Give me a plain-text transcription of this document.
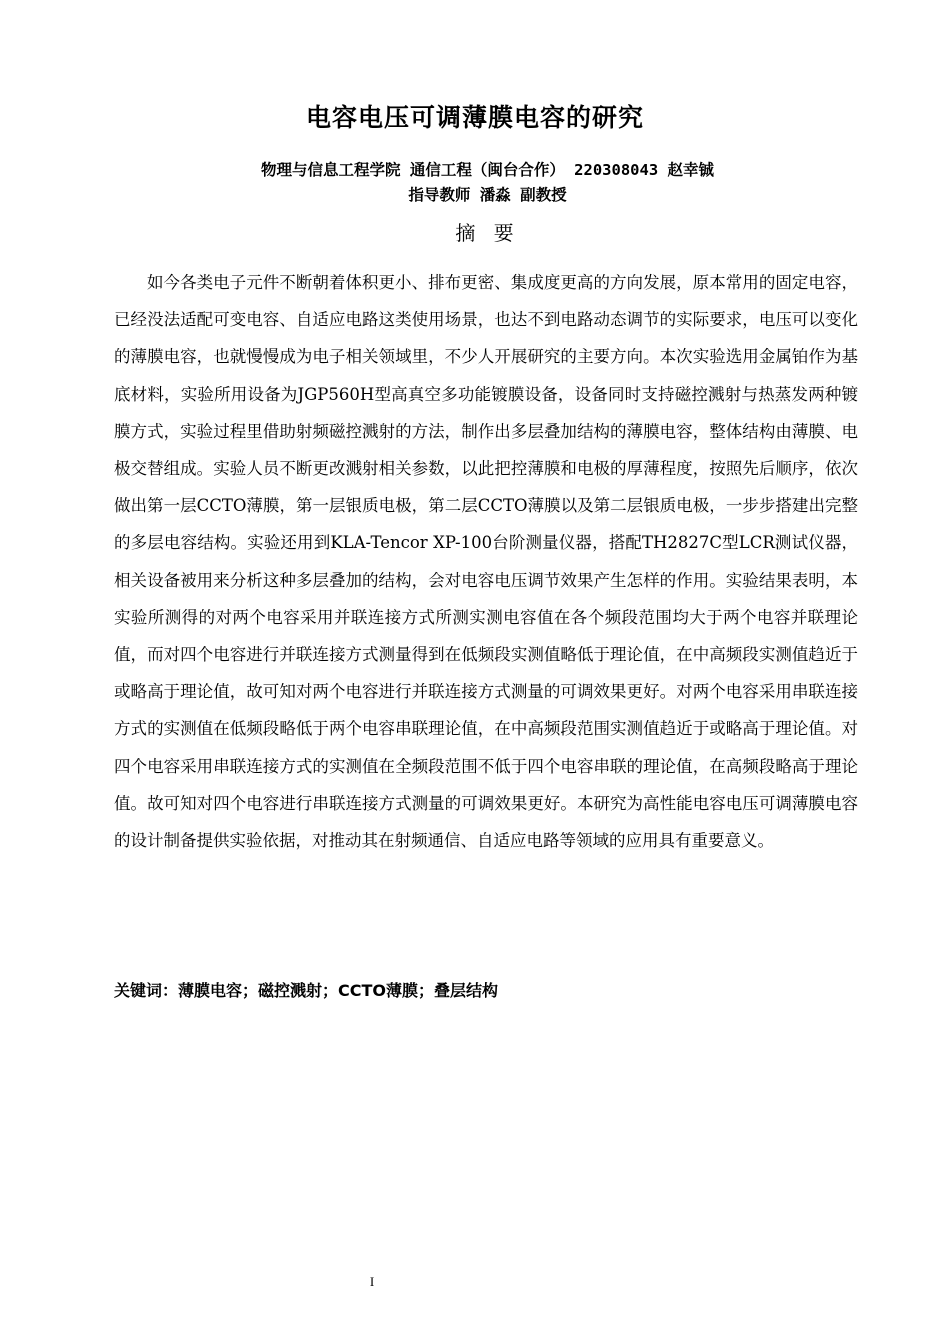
电容电压可调薄膜电容的研究
物理与信息工程学院 通信工程（闽台合作） 220308043 赵幸铖
指导教师 潘淼 副教授
摘 要

如今各类电子元件不断朝着体积更小、排布更密、集成度更高的方向发展，原本常用的固定电容，已经没法适配可变电容、自适应电路这类使用场景，也达不到电路动态调节的实际要求，电压可以变化的薄膜电容，也就慢慢成为电子相关领域里，不少人开展研究的主要方向。本次实验选用金属铂作为基底材料，实验所用设备为JGP560H型高真空多功能镀膜设备，设备同时支持磁控溅射与热蒸发两种镀膜方式，实验过程里借助射频磁控溅射的方法，制作出多层叠加结构的薄膜电容，整体结构由薄膜、电极交替组成。实验人员不断更改溅射相关参数，以此把控薄膜和电极的厚薄程度，按照先后顺序，依次做出第一层CCTO薄膜，第一层银质电极，第二层CCTO薄膜以及第二层银质电极，一步步搭建出完整的多层电容结构。实验还用到KLA-Tencor XP-100台阶测量仪器，搭配TH2827C型LCR测试仪器，相关设备被用来分析这种多层叠加的结构，会对电容电压调节效果产生怎样的作用。实验结果表明，本实验所测得的对两个电容采用并联连接方式所测实测电容值在各个频段范围均大于两个电容并联理论值，而对四个电容进行并联连接方式测量得到在低频段实测值略低于理论值，在中高频段实测值趋近于或略高于理论值，故可知对两个电容进行并联连接方式测量的可调效果更好。对两个电容采用串联连接方式的实测值在低频段略低于两个电容串联理论值，在中高频段范围实测值趋近于或略高于理论值。对四个电容采用串联连接方式的实测值在全频段范围不低于四个电容串联的理论值，在高频段略高于理论值。故可知对四个电容进行串联连接方式测量的可调效果更好。本研究为高性能电容电压可调薄膜电容的设计制备提供实验依据，对推动其在射频通信、自适应电路等领域的应用具有重要意义。

关键词：薄膜电容；磁控溅射；CCTO薄膜；叠层结构
I
